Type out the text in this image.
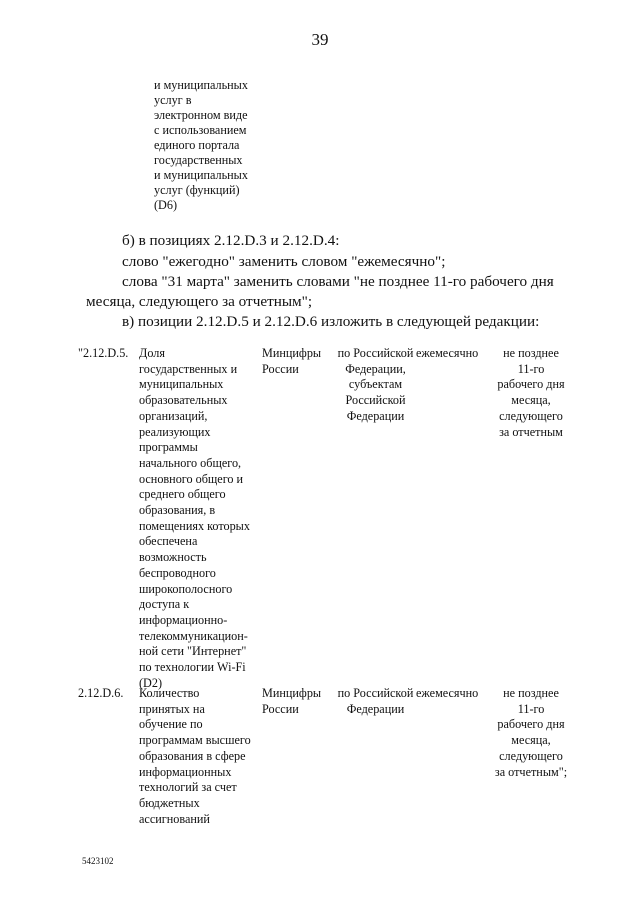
39
и муниципальных
услуг в
электронном виде
с использованием
единого портала
государственных
и муниципальных
услуг (функций)
(D6)
б) в позициях 2.12.D.3 и 2.12.D.4:
слово "ежегодно" заменить словом "ежемесячно";
слова "31 марта" заменить словами "не позднее 11-го рабочего дня
месяца, следующего за отчетным";
в) позиции 2.12.D.5 и 2.12.D.6 изложить в следующей редакции:
"2.12.D.5. Доля
государственных и
муниципальных
образовательных
организаций,
реализующих
программы
начального общего,
основного общего и
среднего общего
образования, в
помещениях которых
обеспечена
возможность
беспроводного
широкополосного
доступа к
информационно-
телекоммуникацион-
ной сети "Интернет"
по технологии Wi-Fi
(D2)
Минцифры
России
по Российской
Федерации,
субъектам
Российской
Федерации
ежемесячно	не позднее
11-го
рабочего дня
месяца,
следующего
за отчетным
2.12.D.6. Количество
принятых на
обучение по
программам высшего
образования в сфере
информационных
технологий за счет
бюджетных
ассигнований
Минцифры
России
по Российской
Федерации
ежемесячно	не позднее
11-го
рабочего дня
месяца,
следующего
за отчетным";
5423102
